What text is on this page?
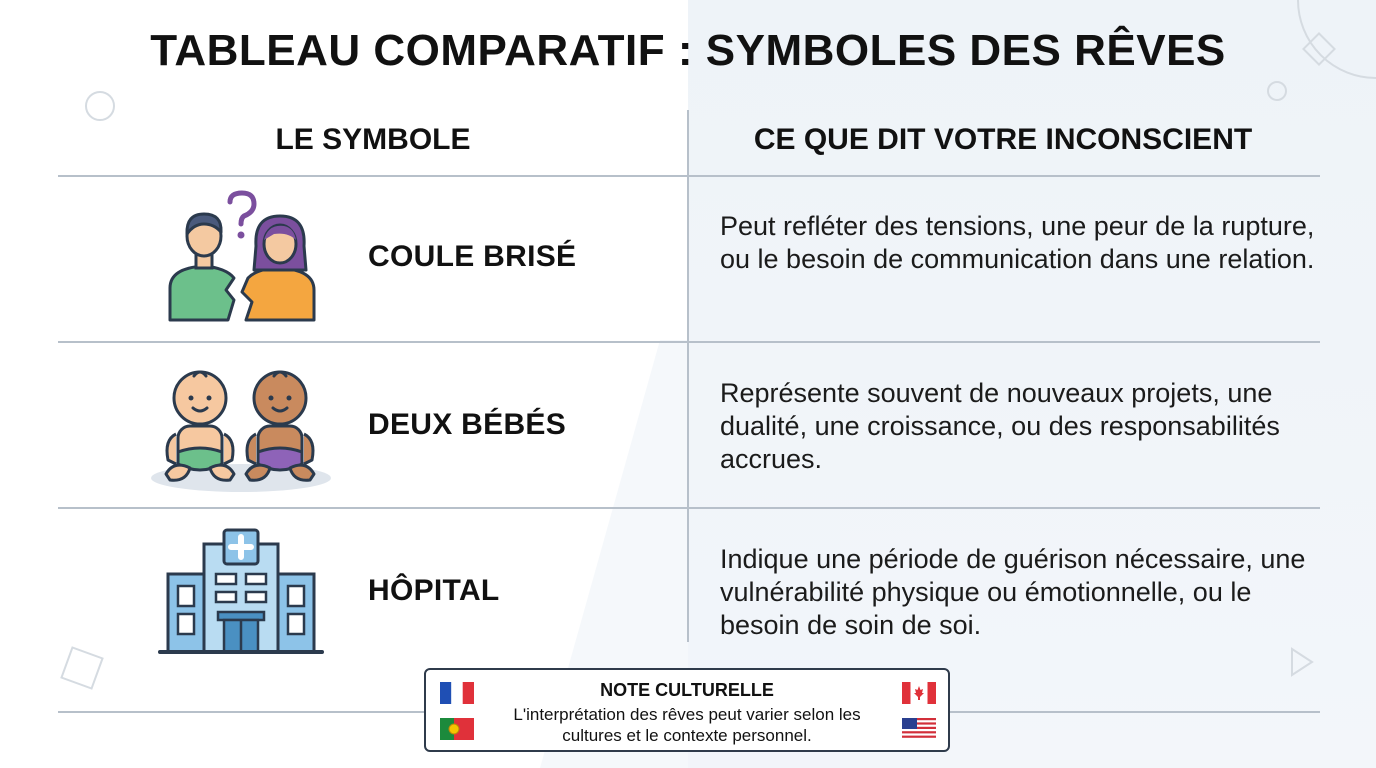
TABLEAU COMPARATIF : SYMBOLES DES RÊVES
LE SYMBOLE	CE QUE DIT VOTRE INCONSCIENT
COULE BRISÉ
Peut refléter des tensions, une peur de la rupture, ou le besoin de communication dans une relation.
DEUX BÉBÉS
Représente souvent de nouveaux projets, une dualité, une croissance, ou des responsabilités accrues.
HÔPITAL
Indique une période de guérison nécessaire, une vulnérabilité physique ou émotionnelle, ou le besoin de soin de soi.
NOTE CULTURELLE
L'interprétation des rêves peut varier selon les cultures et le contexte personnel.
